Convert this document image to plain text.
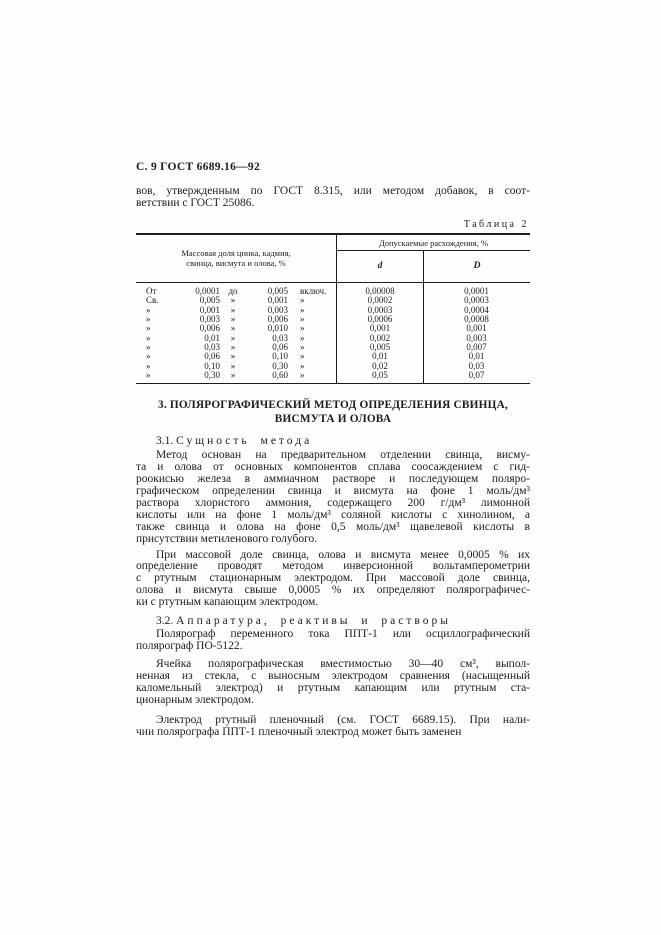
С. 9 ГОСТ 6689.16—92
вов, утвержденным по ГОСТ 8.315, или методом добавок, в соот-
ветствии с ГОСТ 25086.
Таблица 2
Массовая доля цинка, кадмия,
свинца, висмута и олова, %
Допускаемые расхождения, %
d	D
От	0,0001 до	0,005	включ.	0,00008	0,0001
Св.	0,005	»	0,001	»	0,0002	0,0003
»	0,001	»	0,003	»	0,0003	0,0004
»	0,003	»	0,006	»	0,0006	0,0008
»	0,006	»	0,010	»	0,001	0,001
»	0,01	»	0,03	»	0,002	0,003
»	0,03	»	0,06	»	0,005	0,007
»	0,06	»	0,10	»	0,01	0,01
»	0,10	»	0,30	»	0,02	0,03
»	0,30	»	0,60	»	0,05	0,07
3. ПОЛЯРОГРАФИЧЕСКИЙ МЕТОД ОПРЕДЕЛЕНИЯ СВИНЦА,
ВИСМУТА И ОЛОВА
3.1. Сущность метода
Метод основан на предварительном отделении свинца, висму-
та и олова от основных компонентов сплава соосаждением с гид-
роокисью железа в аммиачном растворе и последующем поляро-
графическом определении свинца и висмута на фоне 1 моль/дм³
раствора хлористого аммония, содержащего 200 г/дм³ лимонной
кислоты или на фоне 1 моль/дм³ соляной кислоты с хинолином, а
также свинца и олова на фоне 0,5 моль/дм³ щавелевой кислоты в
присутствии метиленового голубого.
При массовой доле свинца, олова и висмута менее 0,0005 % их
определение проводят методом инверсионной вольтамперометрии
с ртутным стационарным электродом. При массовой доле свинца,
олова и висмута свыше 0,0005 % их определяют полярографичес-
ки с ртутным капающим электродом.
3.2. Аппаратура, реактивы и растворы
Полярограф переменного тока ППТ-1 или осциллографический
полярограф ПО-5122.
Ячейка полярографическая вместимостью 30—40 см³, выпол-
ненная из стекла, с выносным электродом сравнения (насыщенный
каломельный электрод) и ртутным капающим или ртутным ста-
ционарным электродом.
Электрод ртутный пленочный (см. ГОСТ 6689.15). При нали-
чии полярографа ППТ-1 пленочный электрод может быть заменен
